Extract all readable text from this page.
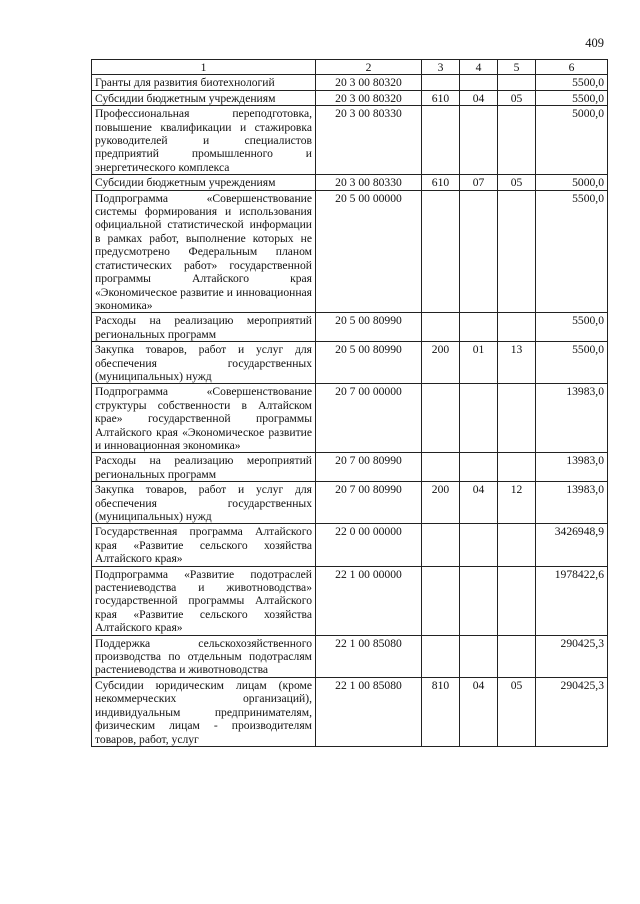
409
1	2	3	4	5	6
Гранты для развития биотехнологий	20 3 00 80320				5500,0
Субсидии бюджетным учреждениям	20 3 00 80320	610	04	05	5500,0
Профессиональная переподготовка, повышение квалификации и стажировка руководителей и специалистов предприятий промышленного и энергетического комплекса	20 3 00 80330				5000,0
Субсидии бюджетным учреждениям	20 3 00 80330	610	07	05	5000,0
Подпрограмма «Совершенствование системы формирования и использования официальной статистической информации в рамках работ, выполнение которых не предусмотрено Федеральным планом статистических работ» государственной программы Алтайского края «Экономическое развитие и инновационная экономика»	20 5 00 00000				5500,0
Расходы на реализацию мероприятий региональных программ	20 5 00 80990				5500,0
Закупка товаров, работ и услуг для обеспечения государственных (муниципальных) нужд	20 5 00 80990	200	01	13	5500,0
Подпрограмма «Совершенствование структуры собственности в Алтайском крае» государственной программы Алтайского края «Экономическое развитие и инновационная экономика»	20 7 00 00000				13983,0
Расходы на реализацию мероприятий региональных программ	20 7 00 80990				13983,0
Закупка товаров, работ и услуг для обеспечения государственных (муниципальных) нужд	20 7 00 80990	200	04	12	13983,0
Государственная программа Алтайского края «Развитие сельского хозяйства Алтайского края»	22 0 00 00000				3426948,9
Подпрограмма «Развитие подотраслей растениеводства и животноводства» государственной программы Алтайского края «Развитие сельского хозяйства Алтайского края»	22 1 00 00000				1978422,6
Поддержка сельскохозяйственного производства по отдельным подотраслям растениеводства и животноводства	22 1 00 85080				290425,3
Субсидии юридическим лицам (кроме некоммерческих организаций), индивидуальным предпринимателям, физическим лицам - производителям товаров, работ, услуг	22 1 00 85080	810	04	05	290425,3
